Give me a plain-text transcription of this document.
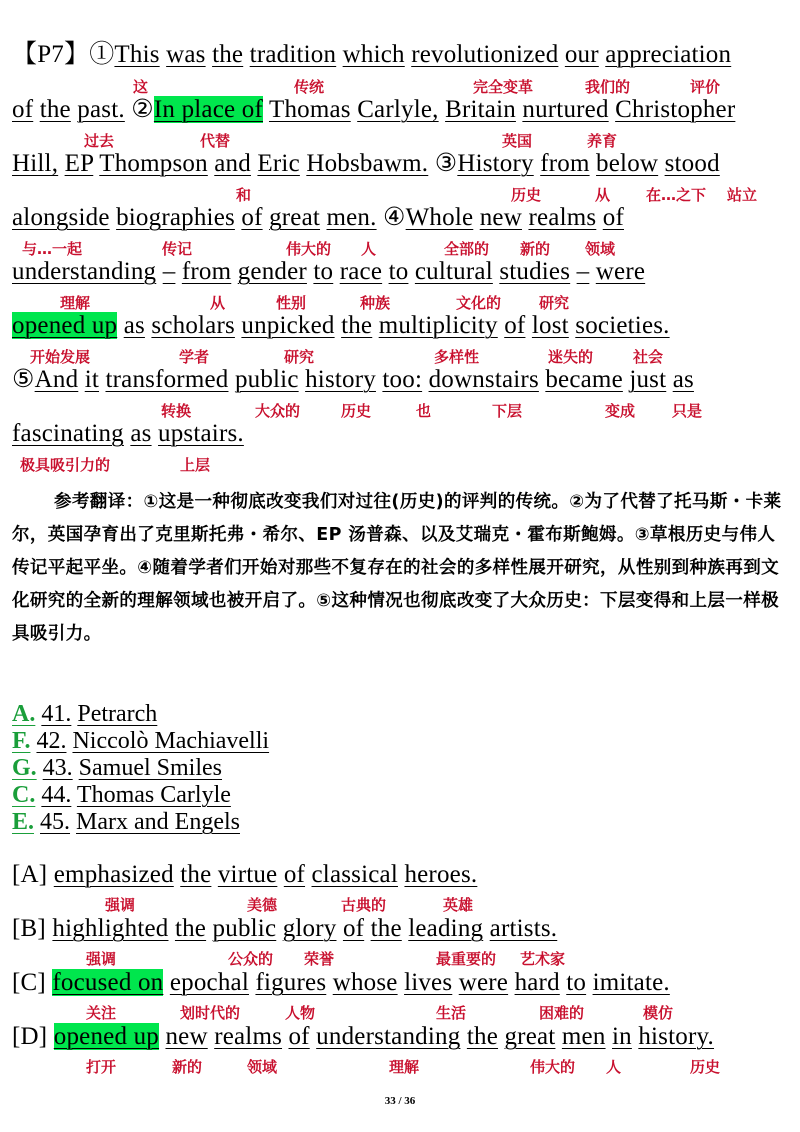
【P7】①This was the tradition which revolutionized our appreciation
这	传统	完全变革	我们的	评价
of the past. ②In place of Thomas Carlyle, Britain nurtured Christopher
过去	代替	英国	养育
Hill, EP Thompson and Eric Hobsbawm. ③History from below stood
和	历史	从 在…之下 站立
alongside biographies of great men. ④Whole new realms of
与…一起	传记	伟大的 人	全部的 新的 领域
understanding – from gender to race to cultural studies – were
理解	从	性别	种族	文化的	研究
opened up as scholars unpicked the multiplicity of lost societies.
开始发展	学者	研究	多样性	迷失的	社会
⑤And it transformed public history too: downstairs became just as
转换	大众的	历史	也	下层	变成 只是
fascinating as upstairs.
极具吸引力的	上层
参考翻译：①这是一种彻底改变我们对过往(历史)的评判的传统。②为了代替了托马斯・卡莱尔，英国孕育出了克里斯托弗・希尔、EP 汤普森、以及艾瑞克・霍布斯鲍姆。③草根历史与伟人传记平起平坐。④随着学者们开始对那些不复存在的社会的多样性展开研究，从性别到种族再到文化研究的全新的理解领域也被开启了。⑤这种情况也彻底改变了大众历史：下层变得和上层一样极具吸引力。
A. 41. Petrarch
F. 42. Niccolò Machiavelli
G. 43. Samuel Smiles
C. 44. Thomas Carlyle
E. 45. Marx and Engels
[A] emphasized the virtue of classical heroes.
强调	美德	古典的	英雄
[B] highlighted the public glory of the leading artists.
强调	公众的 荣誉	最重要的 艺术家
[C] focused on epochal figures whose lives were hard to imitate.
关注	划时代的	人物	生活	困难的	模仿
[D] opened up new realms of understanding the great men in history.
打开	新的	领域	理解	伟大的 人	历史
33 / 36
